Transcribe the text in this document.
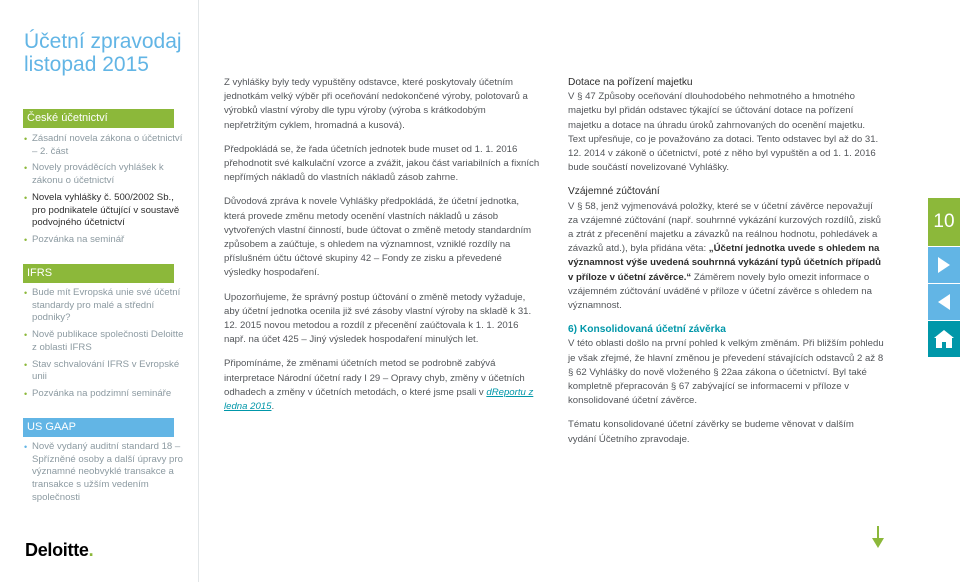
Účetní zpravodaj
listopad 2015
České účetnictví
• Zásadní novela zákona o účetnictví – 2. část
• Novely prováděcích vyhlášek k zákonu o účetnictví
• Novela vyhlášky č. 500/2002 Sb., pro podnikatele účtující v soustavě podvojného účetnictví
• Pozvánka na seminář
IFRS
• Bude mít Evropská unie své účetní standardy pro malé a střední podniky?
• Nově publikace společnosti Deloitte z oblasti IFRS
• Stav schvalování IFRS v Evropské unii
• Pozvánka na podzimní semináře
US GAAP
• Nově vydaný auditní standard 18 – Spřízněné osoby a další úpravy pro významné neobvyklé transakce a transakce s užším vedením společnosti
Deloitte.

Z vyhlášky byly tedy vypuštěny odstavce, které poskytovaly účetním jednotkám velký výběr při oceňování nedokončené výroby, polotovarů a výrobků vlastní výroby dle typu výroby (výroba s krátkodobým nepřetržitým cyklem, hromadná a kusová).

Předpokládá se, že řada účetních jednotek bude muset od 1. 1. 2016 přehodnotit své kalkulační vzorce a zvážit, jakou část variabilních a fixních nepřímých nákladů do vlastních nákladů zásob zahrne.

Důvodová zpráva k novele Vyhlášky předpokládá, že účetní jednotka, která provede změnu metody ocenění vlastních nákladů u zásob vytvořených vlastní činností, bude účtovat o změně metody standardním způsobem a zaúčtuje, s ohledem na významnost, vzniklé rozdíly na příslušném účtu účtové skupiny 42 – Fondy ze zisku a převedené výsledky hospodaření.

Upozorňujeme, že správný postup účtování o změně metody vyžaduje, aby účetní jednotka ocenila již své zásoby vlastní výroby na skladě k 31. 12. 2015 novou metodou a rozdíl z přecenění zaúčtovala k 1. 1. 2016 např. na účet 425 – Jiný výsledek hospodaření minulých let.

Připomínáme, že změnami účetních metod se podrobně zabývá interpretace Národní účetní rady I 29 – Opravy chyb, změny v účetních odhadech a změny v účetních metodách, o které jsme psali v dReportu z ledna 2015.

Dotace na pořízení majetku

V § 47 Způsoby oceňování dlouhodobého nehmotného a hmotného majetku byl přidán odstavec týkající se účtování dotace na pořízení majetku a dotace na úhradu úroků zahrnovaných do ocenění majetku. Text upřesňuje, co je považováno za dotaci. Tento odstavec byl až do 31. 12. 2014 v zákoně o účetnictví, poté z něho byl vypuštěn a od 1. 1. 2016 bude součástí novelizované Vyhlášky.

Vzájemné zúčtování

V § 58, jenž vyjmenovává položky, které se v účetní závěrce nepovažují za vzájemné zúčtování (např. souhrnné vykázání kurzových rozdílů, zisků a ztrát z přecenění majetku a závazků na reálnou hodnotu, pohledávek a závazků atd.), byla přidána věta: „Účetní jednotka uvede s ohledem na významnost výše uvedená souhrnná vykázání typů účetních případů v příloze v účetní závěrce.“ Záměrem novely bylo omezit informace o vzájemném zúčtování uváděné v příloze v účetní závěrce s ohledem na významnost.

6) Konsolidovaná účetní závěrka

V této oblasti došlo na první pohled k velkým změnám. Při bližším pohledu je však zřejmé, že hlavní změnou je převedení stávajících odstavců 2 až 8 § 62 Vyhlášky do nově vloženého § 22aa zákona o účetnictví. Byl také kompletně přepracován § 67 zabývající se informacemi v příloze v konsolidované účetní závěrce.

Tématu konsolidované účetní závěrky se budeme věnovat v dalším vydání Účetního zpravodaje.

10
